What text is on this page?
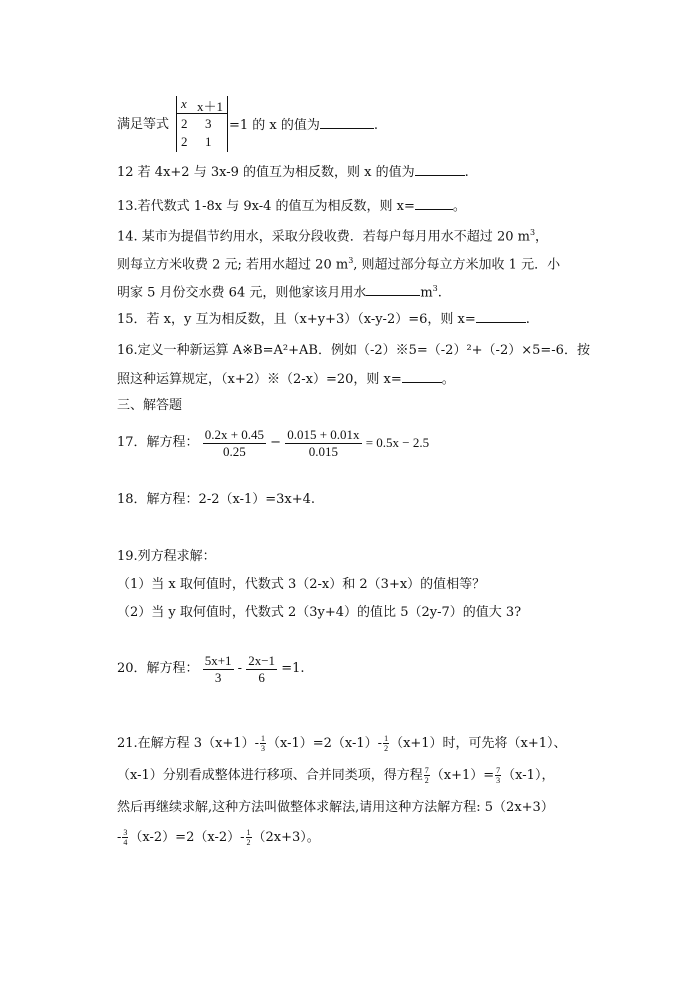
满足等式
x x＋1
2 3
2 1
=1 的 x 的值为	.
12 若 4x+2 与 3x-9 的值互为相反数，则 x 的值为	.
13.若代数式 1-8x 与 9x-4 的值互为相反数，则 x=	。
14. 某市为提倡节约用水，采取分段收费．若每户每月用水不超过 20 $m^3$，
则每立方米收费 2 元; 若用水超过 20 $m^3$, 则超过部分每立方米加收 1 元．小
明家 5 月份交水费 64 元，则他家该月用水	$m^3$.
15．若 x，y 互为相反数，且（x+y+3）（x-y-2）=6，则 x=	.
16.定义一种新运算 A※B=A²+AB．例如（-2）※5=（-2）²+（-2）×5=-6．按
照这种运算规定，（x+2）※（2-x）=20，则 x=	。
三、解答题
17．解方程： $\frac{0.2x + 0.45}{0.25} - \frac{0.015 + 0.01x}{0.015} = 0.5x - 2.5$
18．解方程：2-2（x-1）=3x+4.
19.列方程求解：
（1）当 x 取何值时，代数式 3（2-x）和 2（3+x）的值相等？
（2）当 y 取何值时，代数式 2（3y+4）的值比 5（2y-7）的值大 3?
20．解方程： $\frac{5x+1}{3} - \frac{2x-1}{6} =1$.
21.在解方程 $3(x+1)- \frac{1}{3} (x-1)=2(x-1)- \frac{1}{2} (x+1)$时，可先将（x+1）、
（x-1）分别看成整体进行移项、合并同类项，得方程 $\frac{7}{2} (x+1)= \frac{7}{3} (x-1)$，
然后再继续求解,这种方法叫做整体求解法,请用这种方法解方程: 5（2x+3）
- $\frac{3}{4} (x-2)=2(x-2)- \frac{1}{2} (2x+3)$。
